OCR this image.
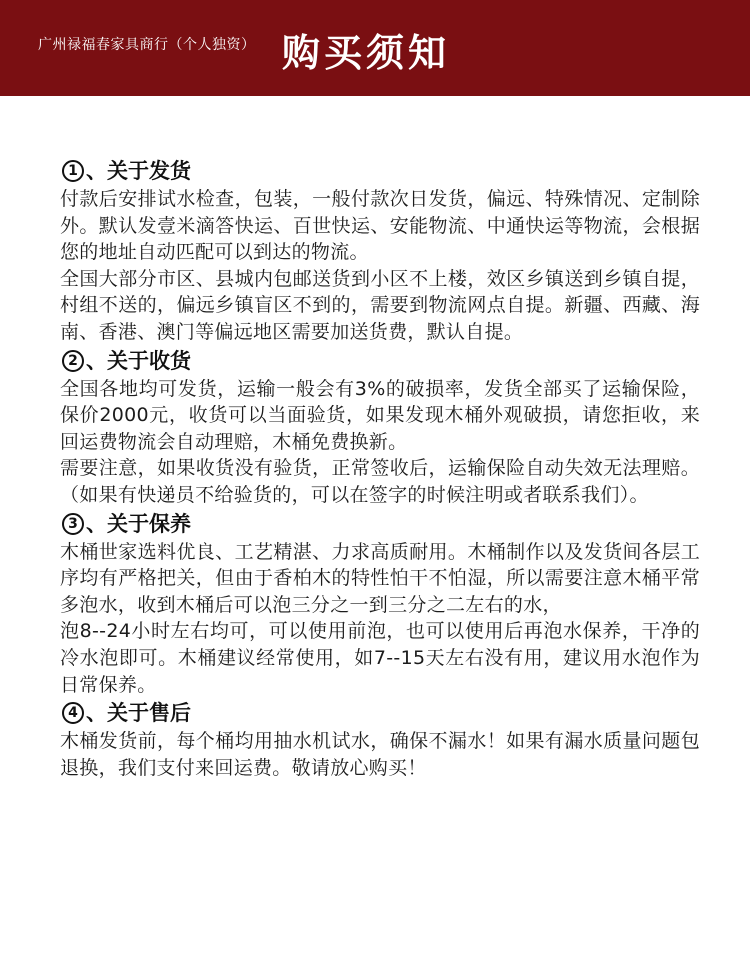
广州禄福春家具商行（个人独资） 购买须知
1 、关于发货

付款后安排试水检查，包装，一般付款次日发货，偏远、特殊情况、定制除外。默认发壹米滴答快运、百世快运、安能物流、中通快运等物流，会根据您的地址自动匹配可以到达的物流。

全国大部分市区、县城内包邮送货到小区不上楼，效区乡镇送到乡镇自提，村组不送的，偏远乡镇盲区不到的，需要到物流网点自提。新疆、西藏、海南、香港、澳门等偏远地区需要加送货费，默认自提。

2 、关于收货

全国各地均可发货，运输一般会有3%的破损率，发货全部买了运输保险，保价2000元，收货可以当面验货，如果发现木桶外观破损，请您拒收，来回运费物流会自动理赔，木桶免费换新。

需要注意，如果收货没有验货，正常签收后，运输保险自动失效无法理赔。（如果有快递员不给验货的，可以在签字的时候注明或者联系我们）。

3 、关于保养

木桶世家选料优良、工艺精湛、力求高质耐用。木桶制作以及发货间各层工序均有严格把关，但由于香柏木的特性怕干不怕湿，所以需要注意木桶平常多泡水，收到木桶后可以泡三分之一到三分之二左右的水，

泡8--24小时左右均可，可以使用前泡，也可以使用后再泡水保养，干净的冷水泡即可。木桶建议经常使用，如7--15天左右没有用，建议用水泡作为日常保养。

4 、关于售后

木桶发货前，每个桶均用抽水机试水，确保不漏水！如果有漏水质量问题包退换，我们支付来回运费。敬请放心购买！
